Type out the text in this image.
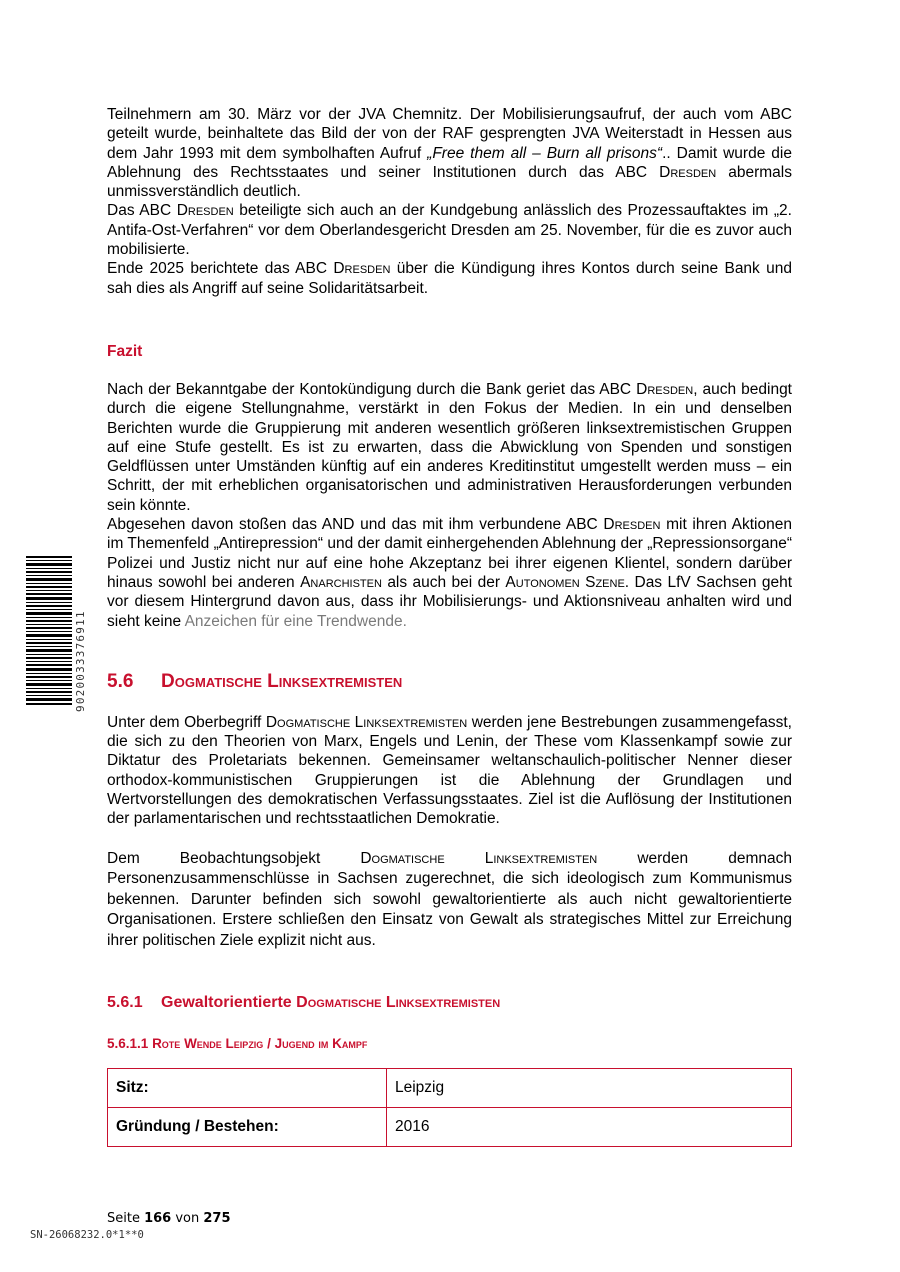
Teilnehmern am 30. März vor der JVA Chemnitz. Der Mobilisierungsaufruf, der auch vom ABC geteilt wurde, beinhaltete das Bild der von der RAF gesprengten JVA Weiterstadt in Hessen aus dem Jahr 1993 mit dem symbolhaften Aufruf „Free them all – Burn all prisons“.. Damit wurde die Ablehnung des Rechtsstaates und seiner Institutionen durch das ABC Dresden abermals unmissverständlich deutlich.

Das ABC Dresden beteiligte sich auch an der Kundgebung anlässlich des Prozessauftaktes im „2. Antifa-Ost-Verfahren“ vor dem Oberlandesgericht Dresden am 25. November, für die es zuvor auch mobilisierte.

Ende 2025 berichtete das ABC Dresden über die Kündigung ihres Kontos durch seine Bank und sah dies als Angriff auf seine Solidaritätsarbeit.

Fazit

Nach der Bekanntgabe der Kontokündigung durch die Bank geriet das ABC Dresden, auch bedingt durch die eigene Stellungnahme, verstärkt in den Fokus der Medien. In ein und denselben Berichten wurde die Gruppierung mit anderen wesentlich größeren linksextremistischen Gruppen auf eine Stufe gestellt. Es ist zu erwarten, dass die Abwicklung von Spenden und sonstigen Geldflüssen unter Umständen künftig auf ein anderes Kreditinstitut umgestellt werden muss – ein Schritt, der mit erheblichen organisatorischen und administrativen Herausforderungen verbunden sein könnte.

Abgesehen davon stoßen das AND und das mit ihm verbundene ABC Dresden mit ihren Aktionen im Themenfeld „Antirepression“ und der damit einhergehenden Ablehnung der „Repressionsorgane“ Polizei und Justiz nicht nur auf eine hohe Akzeptanz bei ihrer eigenen Klientel, sondern darüber hinaus sowohl bei anderen Anarchisten als auch bei der Autonomen Szene. Das LfV Sachsen geht vor diesem Hintergrund davon aus, dass ihr Mobilisierungs- und Aktionsniveau anhalten wird und sieht keine Anzeichen für eine Trendwende.

5.6	Dogmatische Linksextremisten

Unter dem Oberbegriff Dogmatische Linksextremisten werden jene Bestrebungen zusammengefasst, die sich zu den Theorien von Marx, Engels und Lenin, der These vom Klassenkampf sowie zur Diktatur des Proletariats bekennen. Gemeinsamer weltanschaulich-politischer Nenner dieser orthodox-kommunistischen Gruppierungen ist die Ablehnung der Grundlagen und Wertvorstellungen des demokratischen Verfassungsstaates. Ziel ist die Auflösung der Institutionen der parlamentarischen und rechtsstaatlichen Demokratie.

Dem Beobachtungsobjekt Dogmatische Linksextremisten werden demnach Personenzusammenschlüsse in Sachsen zugerechnet, die sich ideologisch zum Kommunismus bekennen. Darunter befinden sich sowohl gewaltorientierte als auch nicht gewaltorientierte Organisationen. Erstere schließen den Einsatz von Gewalt als strategisches Mittel zur Erreichung ihrer politischen Ziele explizit nicht aus.

5.6.1	Gewaltorientierte Dogmatische Linksextremisten
5.6.1.1 Rote Wende Leipzig / Jugend im Kampf
Sitz:	Leipzig
Gründung / Bestehen:	2016
9020033376911
Seite 166 von 275
SN-26068232.0*1**0
